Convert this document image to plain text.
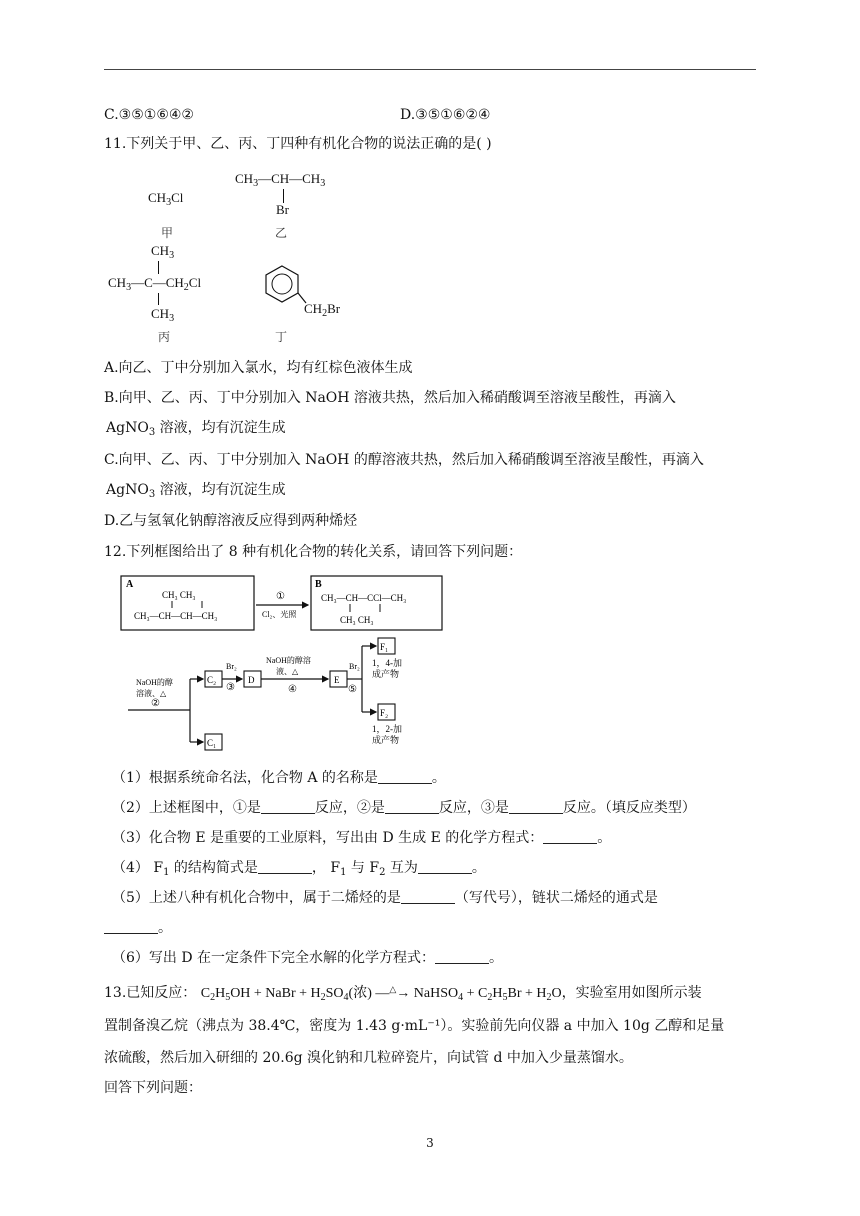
C.③⑤①⑥④②	D.③⑤①⑥②④
11.下列关于甲、乙、丙、丁四种有机化合物的说法正确的是( )
$CH_3Cl$
甲
$CH_3—CH—CH_3$
Br
乙
$CH_3$
$CH_3—C—CH_2Cl$
$CH_3$
丙
$CH_2Br$
丁
A.向乙、丁中分别加入氯水，均有红棕色液体生成
B.向甲、乙、丙、丁中分别加入 NaOH 溶液共热，然后加入稀硝酸调至溶液呈酸性，再滴入
AgNO$_3$ 溶液，均有沉淀生成
C.向甲、乙、丙、丁中分别加入 NaOH 的醇溶液共热，然后加入稀硝酸调至溶液呈酸性，再滴入
AgNO$_3$ 溶液，均有沉淀生成
D.乙与氢氧化钠醇溶液反应得到两种烯烃
12.下列框图给出了 8 种有机化合物的转化关系，请回答下列问题：
A
CH₃ CH₃
CH₃—CH—CH—CH₃
①
Cl₂、光照
B
CH₃—CH—CCl—CH₃
CH₃ CH₃
NaOH的醇
溶液、△
②
C₂
C₁
Br₂
③
D
NaOH的醇溶
液、△
④
E
Br₂
⑤
F₁
1，4-加
成产物
F₂
1，2-加
成产物
（1）根据系统命名法，化合物 A 的名称是	。
（2）上述框图中，①是	反应，②是	反应，③是	反应。（填反应类型）
（3）化合物 E 是重要的工业原料，写出由 D 生成 E 的化学方程式：	。
（4） $F_1$ 的结构简式是	， $F_1$ 与 $F_2$ 互为	。
（5）上述八种有机化合物中，属于二烯烃的是	（写代号），链状二烯烃的通式是
。
（6）写出 D 在一定条件下完全水解的化学方程式：	。
13.已知反应： $C_2H_5OH$ + NaBr + $H_2SO_4$(浓) —△→ NaHSO$_4$ + $C_2H_5Br + H_2O$，实验室用如图所示装
置制备溴乙烷（沸点为 38.4℃，密度为 1.43 g·mL⁻¹）。实验前先向仪器 a 中加入 10g 乙醇和足量
浓硫酸，然后加入研细的 20.6g 溴化钠和几粒碎瓷片，向试管 d 中加入少量蒸馏水。
回答下列问题：
3
